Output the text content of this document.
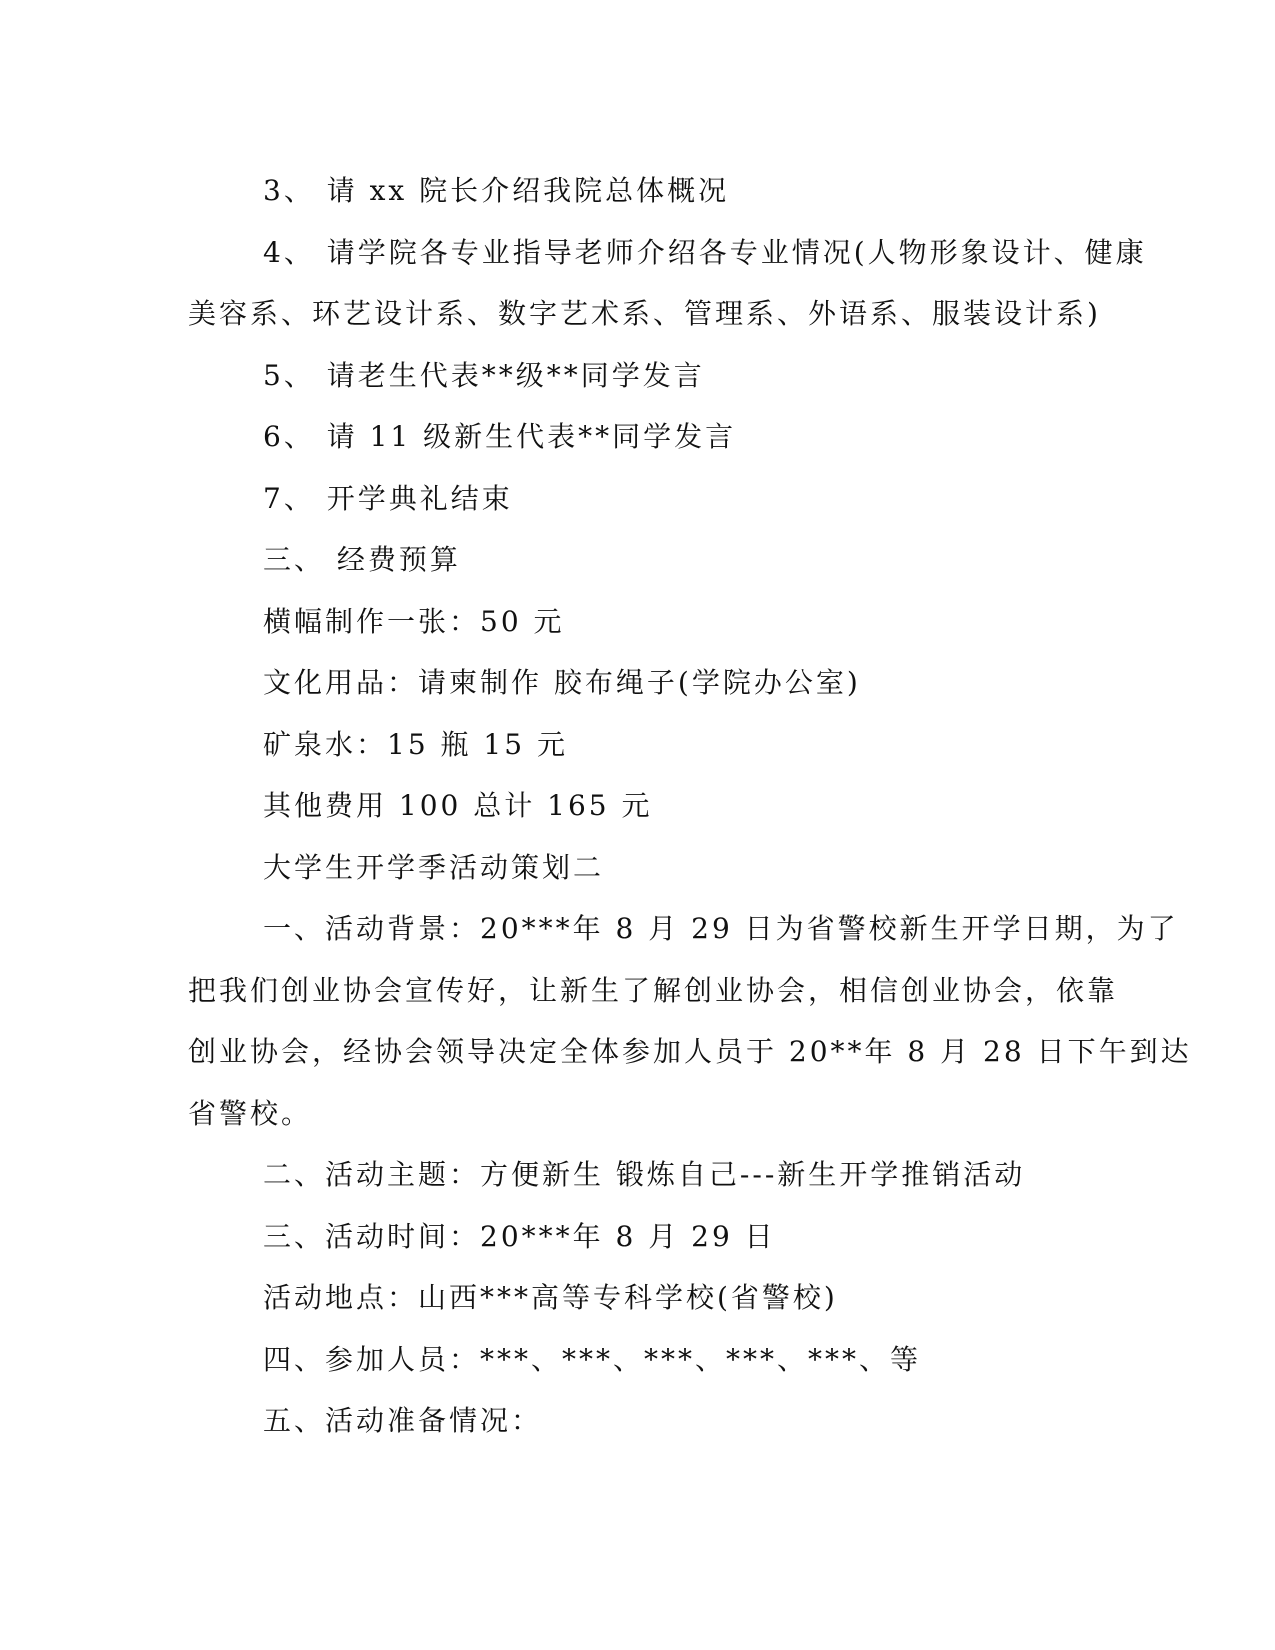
3、 请 xx 院长介绍我院总体概况
4、 请学院各专业指导老师介绍各专业情况(人物形象设计、健康
美容系、环艺设计系、数字艺术系、管理系、外语系、服装设计系)
5、 请老生代表**级**同学发言
6、 请 11 级新生代表**同学发言
7、 开学典礼结束
三、 经费预算
横幅制作一张：50 元
文化用品：请柬制作 胶布绳子(学院办公室)
矿泉水：15 瓶 15 元
其他费用 100 总计 165 元
大学生开学季活动策划二
一、活动背景：20***年 8 月 29 日为省警校新生开学日期，为了
把我们创业协会宣传好，让新生了解创业协会，相信创业协会，依靠
创业协会，经协会领导决定全体参加人员于 20**年 8 月 28 日下午到达
省警校。
二、活动主题：方便新生 锻炼自己---新生开学推销活动
三、活动时间：20***年 8 月 29 日
活动地点：山西***高等专科学校(省警校)
四、参加人员：***、***、***、***、***、等
五、活动准备情况：
